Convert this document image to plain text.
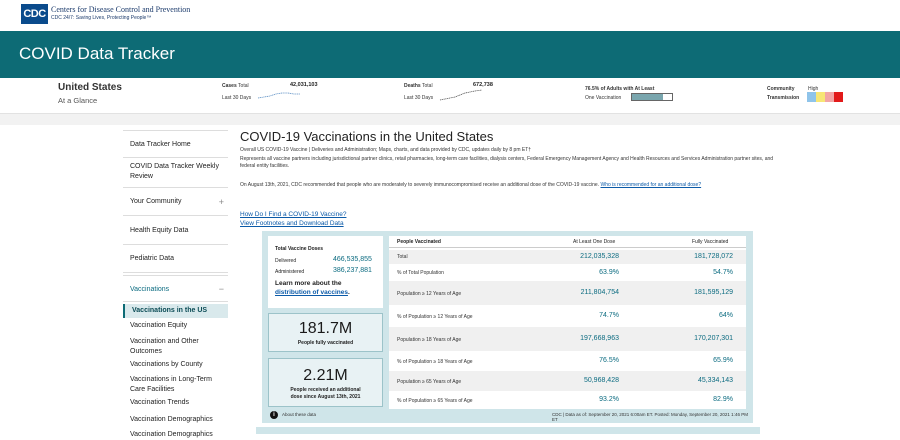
CDC Centers for Disease Control and Prevention
CDC 24/7: Saving Lives, Protecting People™
COVID Data Tracker
United States
At a Glance
Cases Total	42,031,103
Last 30 Days
Deaths Total	672,738
Last 30 Days
76.5% of Adults with At Least
One Vaccination
Community	High
Transmission
Data Tracker Home
COVID Data Tracker Weekly Review
Your Community	+
Health Equity Data
Pediatric Data
Vaccinations	−
Vaccinations in the US
Vaccination Equity
Vaccination and Other Outcomes
Vaccinations by County
Vaccinations in Long-Term Care Facilities
Vaccination Trends
Vaccination Demographics
Vaccination Demographics
COVID-19 Vaccinations in the United States
Overall US COVID-19 Vaccine | Deliveries and Administration; Maps, charts, and data provided by CDC, updates daily by 8 pm ET†
Represents all vaccine partners including jurisdictional partner clinics, retail pharmacies, long-term care facilities, dialysis centers, Federal Emergency Management Agency and Health Resources and Services Administration partner sites, and federal entity facilities.
On August 13th, 2021, CDC recommended that people who are moderately to severely immunocompromised receive an additional dose of the COVID-19 vaccine. Who is recommended for an additional dose?
How Do I Find a COVID-19 Vaccine?
View Footnotes and Download Data
Total Vaccine Doses
Delivered	466,535,855
Administered	386,237,881
Learn more about the
distribution of vaccines.
181.7M
People fully vaccinated
2.21M
People received an additional
dose since August 13th, 2021
People Vaccinated	At Least One Dose	Fully Vaccinated
Total	212,035,328	181,728,072
% of Total Population	63.9%	54.7%
Population ≥ 12 Years of Age	211,804,754	181,595,129
% of Population ≥ 12 Years of Age	74.7%	64%
Population ≥ 18 Years of Age	197,668,963	170,207,301
% of Population ≥ 18 Years of Age	76.5%	65.9%
Population ≥ 65 Years of Age	50,968,428	45,334,143
% of Population ≥ 65 Years of Age	93.2%	82.9%
i	About these data	CDC | Data as of: September 20, 2021 6:00am ET. Posted: Monday, September 20, 2021 1:46 PM ET
